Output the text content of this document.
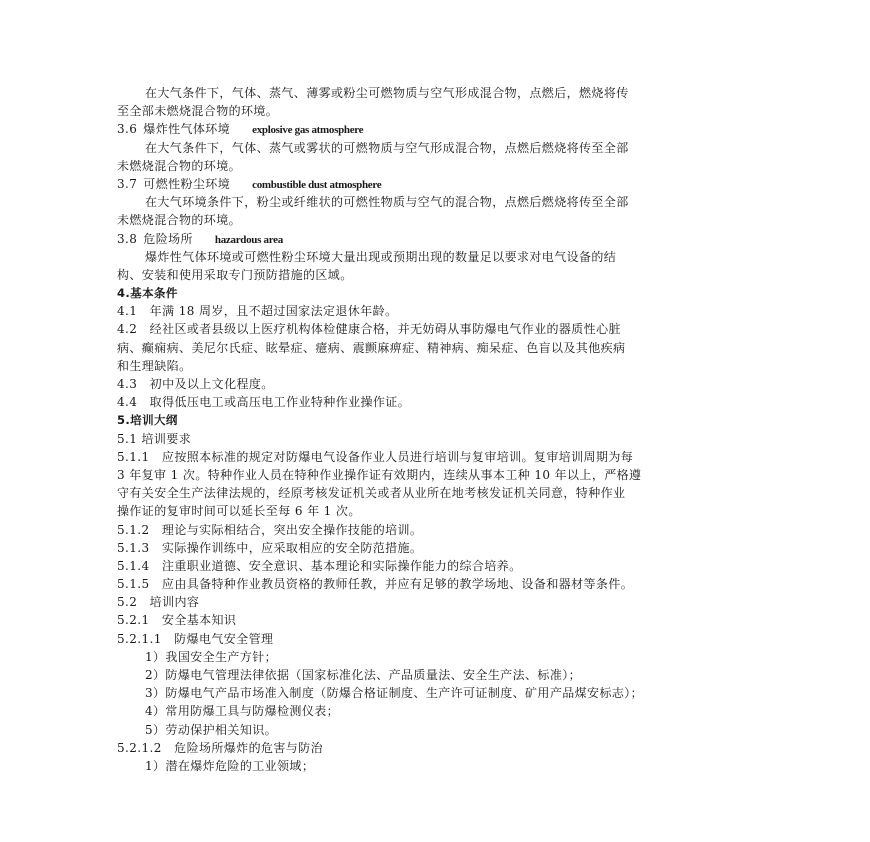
在大气条件下，气体、蒸气、薄雾或粉尘可燃物质与空气形成混合物，点燃后，燃烧将传
至全部未燃烧混合物的环境。
3.6 爆炸性气体环境 explosive gas atmosphere
在大气条件下，气体、蒸气或雾状的可燃物质与空气形成混合物，点燃后燃烧将传至全部
未燃烧混合物的环境。
3.7 可燃性粉尘环境 combustible dust atmosphere
在大气环境条件下，粉尘或纤维状的可燃性物质与空气的混合物，点燃后燃烧将传至全部
未燃烧混合物的环境。
3.8 危险场所 hazardous area
爆炸性气体环境或可燃性粉尘环境大量出现或预期出现的数量足以要求对电气设备的结
构、安装和使用采取专门预防措施的区域。
4.基本条件
4.1　年满 18 周岁，且不超过国家法定退休年龄。
4.2　经社区或者县级以上医疗机构体检健康合格，并无妨碍从事防爆电气作业的器质性心脏
病、癫痫病、美尼尔氏症、眩晕症、癔病、震颤麻痹症、精神病、痴呆症、色盲以及其他疾病
和生理缺陷。
4.3　初中及以上文化程度。
4.4　取得低压电工或高压电工作业特种作业操作证。
5.培训大纲
5.1 培训要求
5.1.1　应按照本标准的规定对防爆电气设备作业人员进行培训与复审培训。复审培训周期为每
3 年复审 1 次。特种作业人员在特种作业操作证有效期内，连续从事本工种 10 年以上，严格遵
守有关安全生产法律法规的，经原考核发证机关或者从业所在地考核发证机关同意，特种作业
操作证的复审时间可以延长至每 6 年 1 次。
5.1.2　理论与实际相结合，突出安全操作技能的培训。
5.1.3　实际操作训练中，应采取相应的安全防范措施。
5.1.4　注重职业道德、安全意识、基本理论和实际操作能力的综合培养。
5.1.5　应由具备特种作业教员资格的教师任教，并应有足够的教学场地、设备和器材等条件。
5.2　培训内容
5.2.1　安全基本知识
5.2.1.1　防爆电气安全管理
1）我国安全生产方针；
2）防爆电气管理法律依据（国家标准化法、产品质量法、安全生产法、标准）；
3）防爆电气产品市场准入制度（防爆合格证制度、生产许可证制度、矿用产品煤安标志）；
4）常用防爆工具与防爆检测仪表；
5）劳动保护相关知识。
5.2.1.2　危险场所爆炸的危害与防治
1）潜在爆炸危险的工业领域；
